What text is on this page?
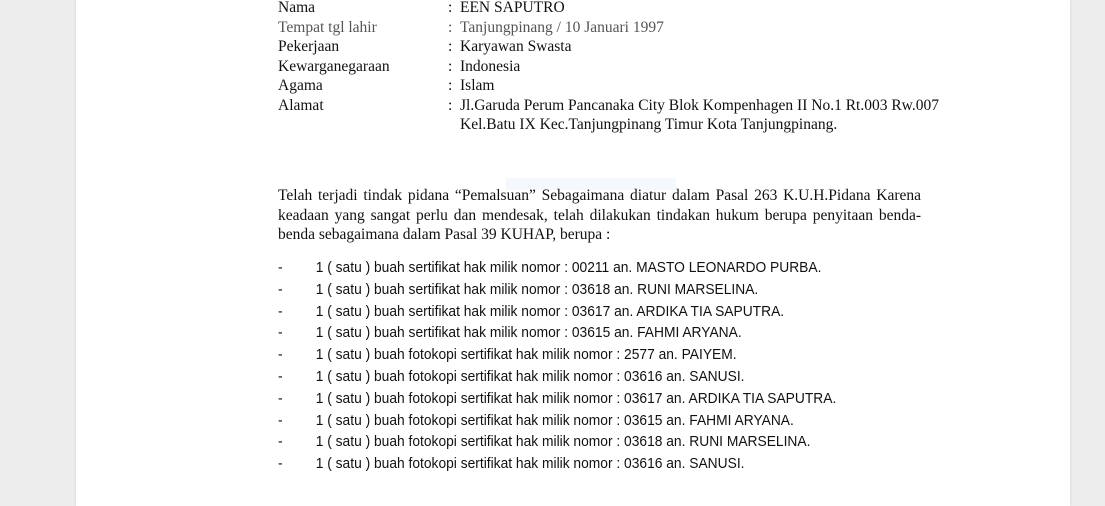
Nama	: EEN SAPUTRO
Tempat tgl lahir	: Tanjungpinang / 10 Januari 1997
Pekerjaan	: Karyawan Swasta
Kewarganegaraan	: Indonesia
Agama	: Islam
Alamat	: Jl.Garuda Perum Pancanaka City Blok Kompenhagen II No.1 Rt.003 Rw.007 Kel.Batu IX Kec.Tanjungpinang Timur Kota Tanjungpinang.
Telah terjadi tindak pidana “Pemalsuan” Sebagaimana diatur dalam Pasal 263 K.U.H.Pidana Karena keadaan yang sangat perlu dan mendesak, telah dilakukan tindakan hukum berupa penyitaan benda-benda sebagaimana dalam Pasal 39 KUHAP, berupa :
-	1 ( satu ) buah sertifikat hak milik nomor : 00211 an. MASTO LEONARDO PURBA.
-	1 ( satu ) buah sertifikat hak milik nomor : 03618 an. RUNI MARSELINA.
-	1 ( satu ) buah sertifikat hak milik nomor : 03617 an. ARDIKA TIA SAPUTRA.
-	1 ( satu ) buah sertifikat hak milik nomor : 03615 an. FAHMI ARYANA.
-	1 ( satu ) buah fotokopi sertifikat hak milik nomor : 2577 an. PAIYEM.
-	1 ( satu ) buah fotokopi sertifikat hak milik nomor : 03616 an. SANUSI.
-	1 ( satu ) buah fotokopi sertifikat hak milik nomor : 03617 an. ARDIKA TIA SAPUTRA.
-	1 ( satu ) buah fotokopi sertifikat hak milik nomor : 03615 an. FAHMI ARYANA.
-	1 ( satu ) buah fotokopi sertifikat hak milik nomor : 03618 an. RUNI MARSELINA.
-	1 ( satu ) buah fotokopi sertifikat hak milik nomor : 03616 an. SANUSI.
